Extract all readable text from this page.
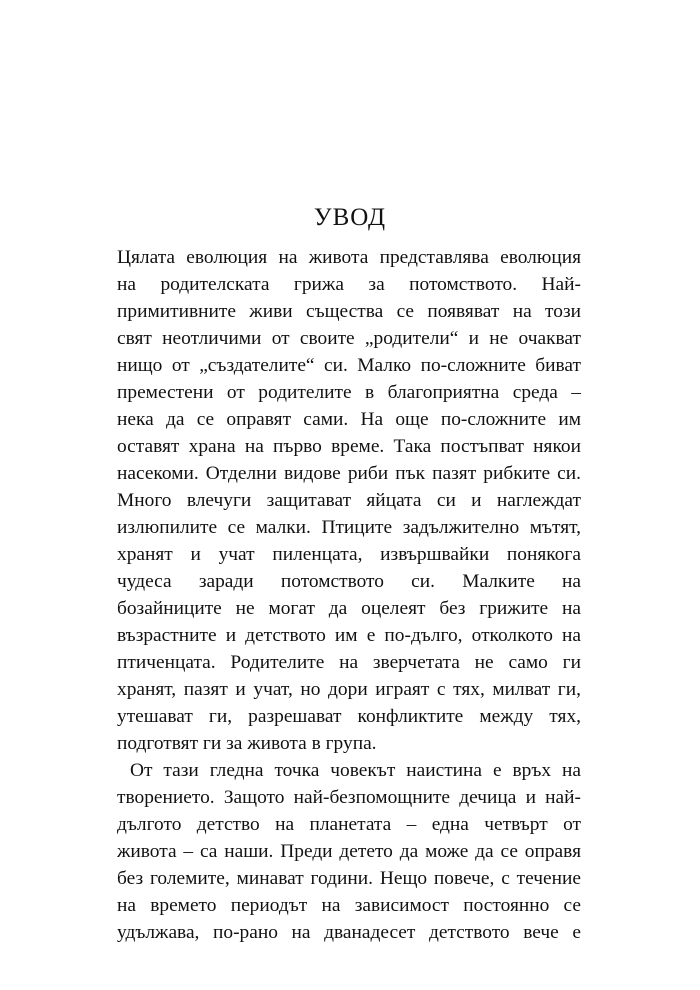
УВОД
Цялата еволюция на живота представлява еволюция
на родителската грижа за потомството. Най-
примитивните живи същества се появяват на този
свят неотличими от своите „родители“ и не очакват
нищо от „създателите“ си. Малко по-сложните биват
преместени от родителите в благоприятна среда –
нека да се оправят сами. На още по-сложните им
оставят храна на първо време. Така постъпват някои
насекоми. Отделни видове риби пък пазят рибките си.
Много влечуги защитават яйцата си и наглеждат
излюпилите се малки. Птиците задължително мътят,
хранят и учат пиленцата, извършвайки понякога
чудеса заради потомството си. Малките на
бозайниците не могат да оцелеят без грижите на
възрастните и детството им е по-дълго, отколкото на
птиченцата. Родителите на зверчетата не само ги
хранят, пазят и учат, но дори играят с тях, милват ги,
утешават ги, разрешават конфликтите между тях,
подготвят ги за живота в група.
От тази гледна точка човекът наистина е връх на
творението. Защото най-безпомощните дечица и най-
дългото детство на планетата – една четвърт от
живота – са наши. Преди детето да може да се оправя
без големите, минават години. Нещо повече, с течение
на времето периодът на зависимост постоянно се
удължава, по-рано на дванадесет детството вече е
